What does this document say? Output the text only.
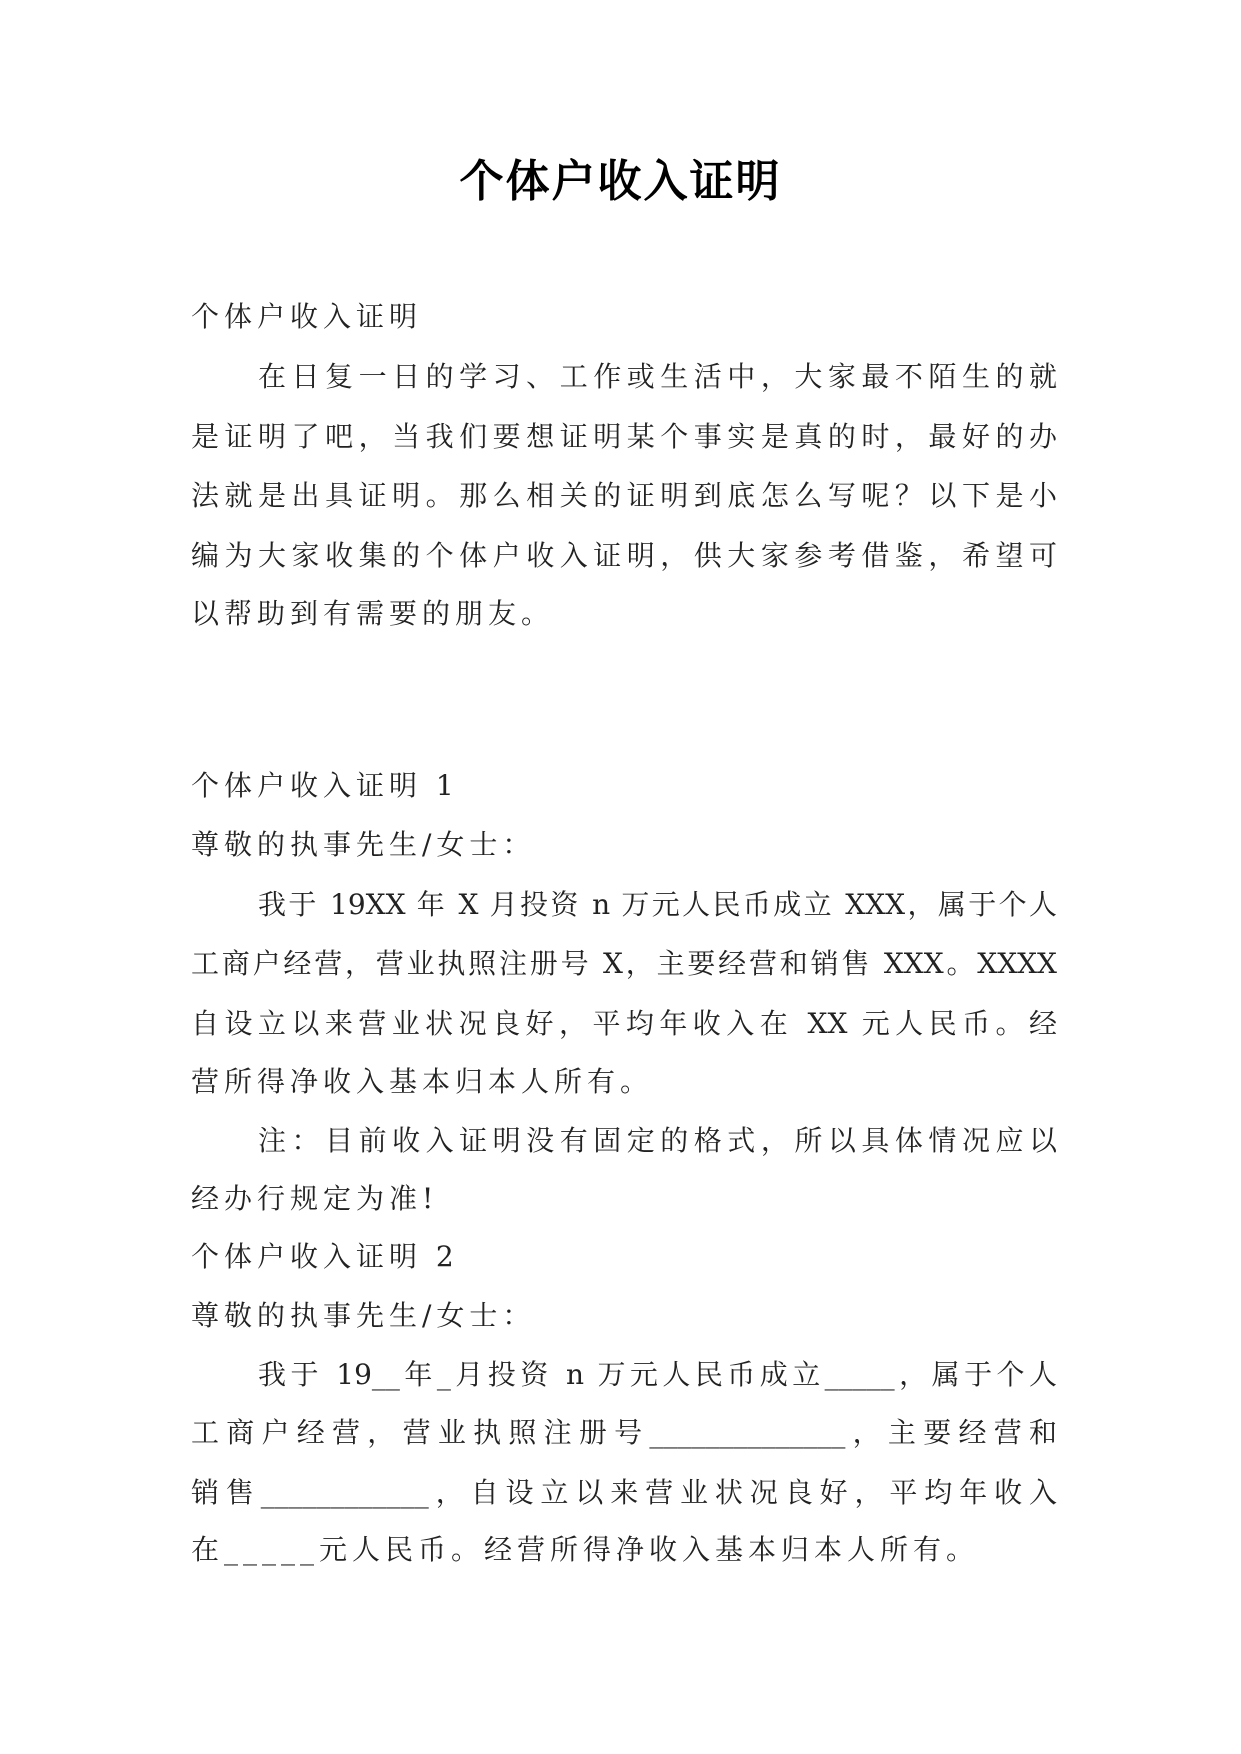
个体户收入证明
个体户收入证明
在日复一日的学习、工作或生活中，大家最不陌生的就
是证明了吧，当我们要想证明某个事实是真的时，最好的办
法就是出具证明。那么相关的证明到底怎么写呢？以下是小
编为大家收集的个体户收入证明，供大家参考借鉴，希望可
以帮助到有需要的朋友。
个体户收入证明 1
尊敬的执事先生/女士：
我于 19XX 年 X 月投资 n 万元人民币成立 XXX，属于个人
工商户经营，营业执照注册号 X，主要经营和销售 XXX。XXXX
自设立以来营业状况良好，平均年收入在 XX 元人民币。经
营所得净收入基本归本人所有。
注：目前收入证明没有固定的格式，所以具体情况应以
经办行规定为准!
个体户收入证明 2
尊敬的执事先生/女士：
我于 19__年_月投资 n 万元人民币成立_____，属于个人
工商户经营，营业执照注册号______________，主要经营和
销售____________，自设立以来营业状况良好，平均年收入
在_____元人民币。经营所得净收入基本归本人所有。
